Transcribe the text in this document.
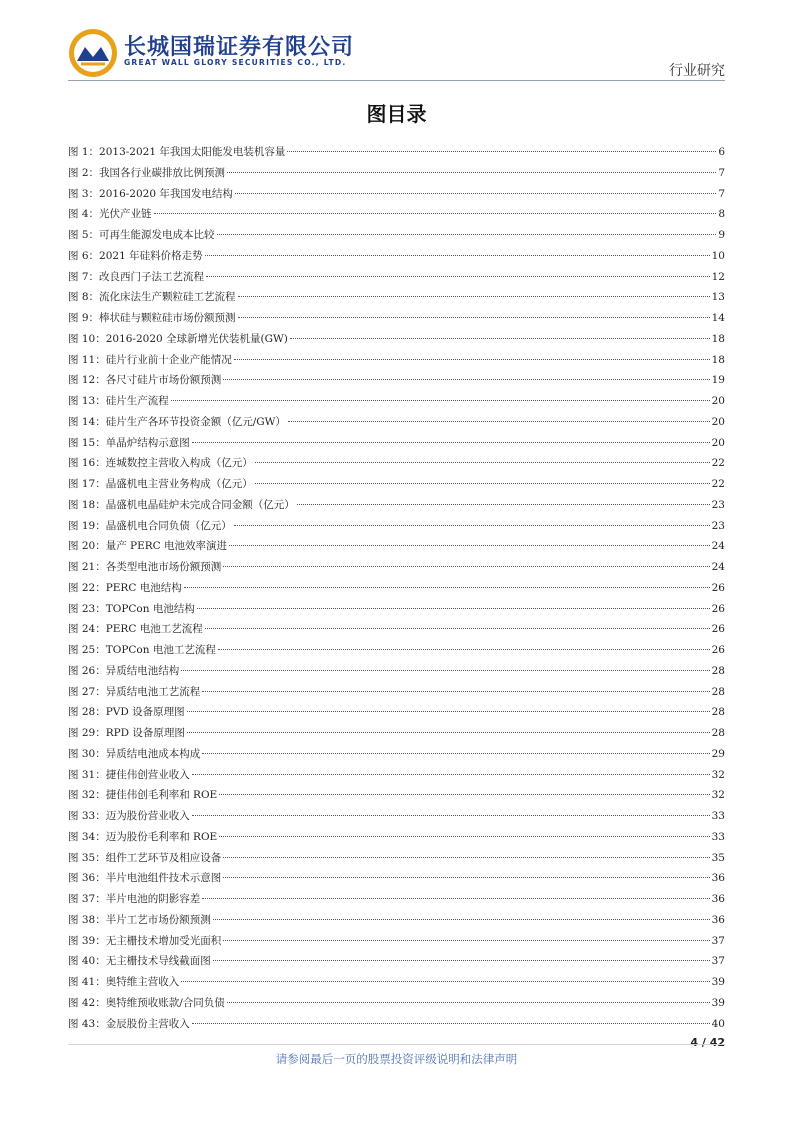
长城国瑞证券有限公司
GREAT WALL GLORY SECURITIES CO., LTD.
行业研究
图目录
图 1 ： 2013-2021 年我国太阳能发电装机容量	6
图 2 ： 我国各行业碳排放比例预测	7
图 3 ： 2016-2020 年我国发电结构	7
图 4 ： 光伏产业链	8
图 5 ： 可再生能源发电成本比较	9
图 6 ： 2021 年硅料价格走势	10
图 7 ： 改良西门子法工艺流程	12
图 8 ： 流化床法生产颗粒硅工艺流程	13
图 9 ： 棒状硅与颗粒硅市场份额预测	14
图 10 ： 2016-2020 全球新增光伏装机量(GW)	18
图 11 ： 硅片行业前十企业产能情况	18
图 12 ： 各尺寸硅片市场份额预测	19
图 13 ： 硅片生产流程	20
图 14 ： 硅片生产各环节投资金额（亿元/GW）	20
图 15 ： 单晶炉结构示意图	20
图 16 ： 连城数控主营收入构成（亿元）	22
图 17 ： 晶盛机电主营业务构成（亿元）	22
图 18 ： 晶盛机电晶硅炉未完成合同金额（亿元）	23
图 19 ： 晶盛机电合同负债（亿元）	23
图 20 ： 量产 PERC 电池效率演进	24
图 21 ： 各类型电池市场份额预测	24
图 22 ： PERC 电池结构	26
图 23 ： TOPCon 电池结构	26
图 24 ： PERC 电池工艺流程	26
图 25 ： TOPCon 电池工艺流程	26
图 26 ： 异质结电池结构	28
图 27 ： 异质结电池工艺流程	28
图 28 ： PVD 设备原理图	28
图 29 ： RPD 设备原理图	28
图 30 ： 异质结电池成本构成	29
图 31 ： 捷佳伟创营业收入	32
图 32 ： 捷佳伟创毛利率和 ROE	32
图 33 ： 迈为股份营业收入	33
图 34 ： 迈为股份毛利率和 ROE	33
图 35 ： 组件工艺环节及相应设备	35
图 36 ： 半片电池组件技术示意图	36
图 37 ： 半片电池的阴影容差	36
图 38 ： 半片工艺市场份额预测	36
图 39 ： 无主栅技术增加受光面积	37
图 40 ： 无主栅技术导线截面图	37
图 41 ： 奥特维主营收入	39
图 42 ： 奥特维预收账款/合同负债	39
图 43 ： 金辰股份主营收入	40
4 / 42
请参阅最后一页的股票投资评级说明和法律声明
